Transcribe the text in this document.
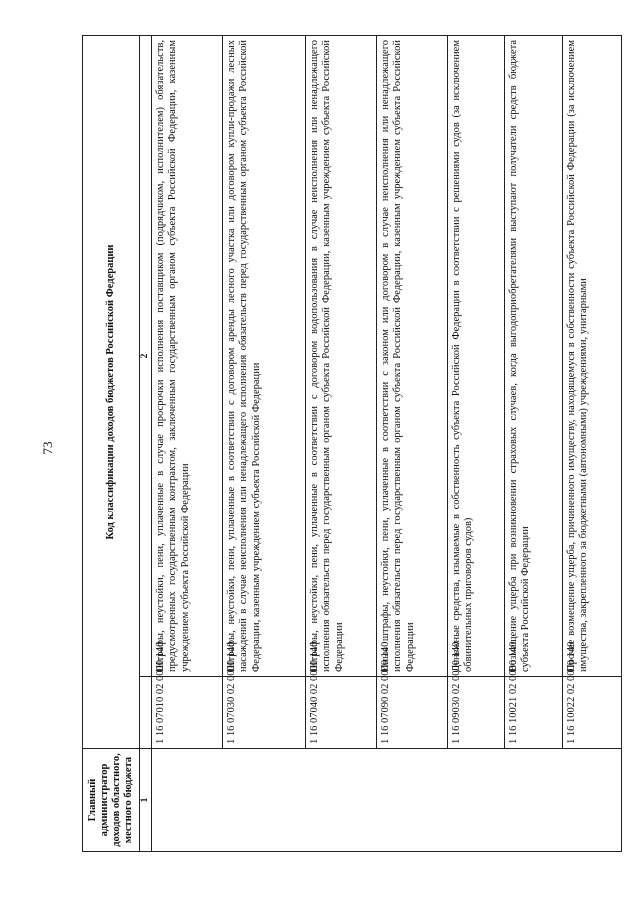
73
Главный администратор доходов областного, местного бюджета	Код классификации доходов бюджетов Российской Федерации	
1		2
	1 16 07010 02 0000 140	Штрафы, неустойки, пени, уплаченные в случае просрочки исполнения поставщиком (подрядчиком, исполнителем) обязательств, предусмотренных государственным контрактом, заключенным государственным органом субъекта Российской Федерации, казенным учреждением субъекта Российской Федерации
	1 16 07030 02 0000 140	Штрафы, неустойки, пени, уплаченные в соответствии с договором аренды лесного участка или договором купли-продажи лесных насаждений в случае неисполнения или ненадлежащего исполнения обязательств перед государственным органом субъекта Российской Федерации, казенным учреждением субъекта Российской Федерации
	1 16 07040 02 0000 140	Штрафы, неустойки, пени, уплаченные в соответствии с договором водопользования в случае неисполнения или ненадлежащего исполнения обязательств перед государственным органом субъекта Российской Федерации, казенным учреждением субъекта Российской Федерации
	1 16 07090 02 0000 140	Иные штрафы, неустойки, пени, уплаченные в соответствии с законом или договором в случае неисполнения или ненадлежащего исполнения обязательств перед государственным органом субъекта Российской Федерации, казенным учреждением субъекта Российской Федерации
	1 16 09030 02 0000 140	Денежные средства, изымаемые в собственность субъекта Российской Федерации в соответствии с решениями судов (за исключением обвинительных приговоров судов)
	1 16 10021 02 0000 140	Возмещение ущерба при возникновении страховых случаев, когда выгодоприобретателями выступают получатели средств бюджета субъекта Российской Федерации
	1 16 10022 02 0000 140	Прочее возмещение ущерба, причиненного имуществу, находящемуся в собственности субъекта Российской Федерации (за исключением имущества, закрепленного за бюджетными (автономными) учреждениями, унитарными
